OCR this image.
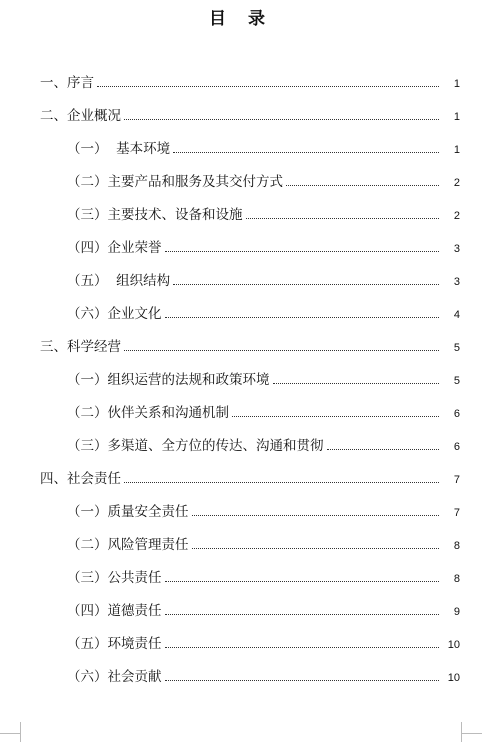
目 录
一、序言	1
二、企业概况	1
（一）  基本环境	1
（二）主要产品和服务及其交付方式	2
（三）主要技术、设备和设施	2
（四）企业荣誉	3
（五）  组织结构	3
（六）企业文化	4
三、科学经营	5
（一）组织运营的法规和政策环境	5
（二）伙伴关系和沟通机制	6
（三）多渠道、全方位的传达、沟通和贯彻	6
四、社会责任	7
（一）质量安全责任	7
（二）风险管理责任	8
（三）公共责任	8
（四）道德责任	9
（五）环境责任	10
（六）社会贡献	10
